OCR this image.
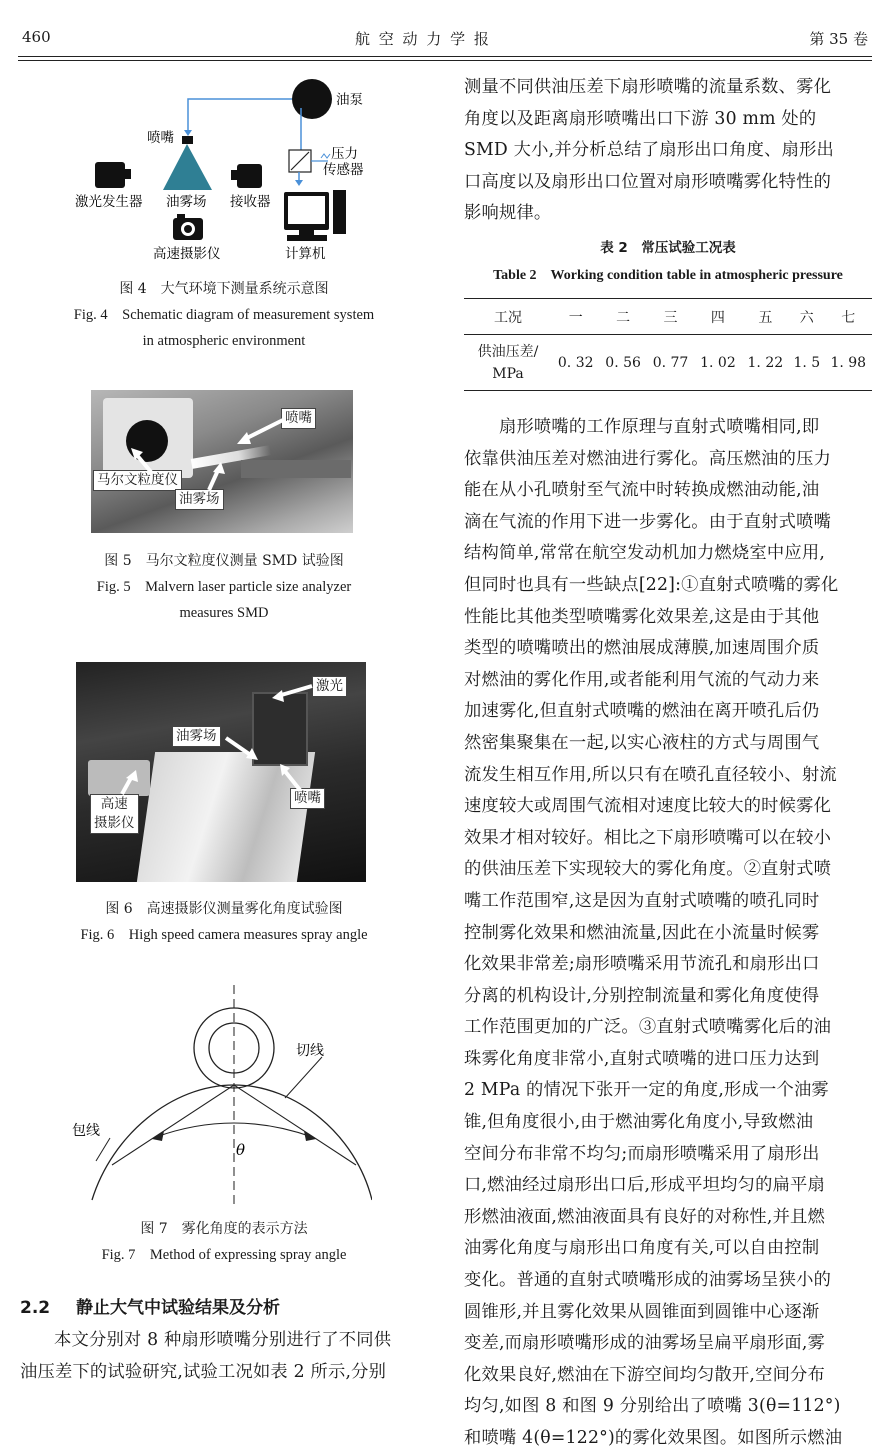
460	航 空 动 力 学 报	第 35 卷
油泵
喷嘴
压力
传感器
激光发生器 油雾场 接收器
高速摄影仪	计算机
图 4　大气环境下测量系统示意图
Fig. 4　Schematic diagram of measurement system
in atmospheric environment
喷嘴
马尔文粒度仪
油雾场
图 5　马尔文粒度仪测量 SMD 试验图
Fig. 5　Malvern laser particle size analyzer
measures SMD
激光
油雾场
高速
摄影仪
喷嘴
图 6　高速摄影仪测量雾化角度试验图
Fig. 6　High speed camera measures spray angle
切线
包线
θ
图 7　雾化角度的表示方法
Fig. 7　Method of expressing spray angle
2.2 静止大气中试验结果及分析

本文分别对 8 种扇形喷嘴分别进行了不同供

油压差下的试验研究,试验工况如表 2 所示,分别

测量不同供油压差下扇形喷嘴的流量系数、雾化

角度以及距离扇形喷嘴出口下游 30 mm 处的

SMD 大小,并分析总结了扇形出口角度、扇形出

口高度以及扇形出口位置对扇形喷嘴雾化特性的

影响规律。

表 2　常压试验工况表
Table 2　Working condition table in atmospheric pressure
工况	一	二	三	四	五	六	七

供油压差/
MPa	0. 32	0. 56	0. 77	1. 02	1. 22	1. 5	1. 98

　　扇形喷嘴的工作原理与直射式喷嘴相同,即

依靠供油压差对燃油进行雾化。高压燃油的压力

能在从小孔喷射至气流中时转换成燃油动能,油

滴在气流的作用下进一步雾化。由于直射式喷嘴

结构简单,常常在航空发动机加力燃烧室中应用,

但同时也具有一些缺点[22]:①直射式喷嘴的雾化

性能比其他类型喷嘴雾化效果差,这是由于其他

类型的喷嘴喷出的燃油展成薄膜,加速周围介质

对燃油的雾化作用,或者能利用气流的气动力来

加速雾化,但直射式喷嘴的燃油在离开喷孔后仍

然密集聚集在一起,以实心液柱的方式与周围气

流发生相互作用,所以只有在喷孔直径较小、射流

速度较大或周围气流相对速度比较大的时候雾化

效果才相对较好。相比之下扇形喷嘴可以在较小

的供油压差下实现较大的雾化角度。②直射式喷

嘴工作范围窄,这是因为直射式喷嘴的喷孔同时

控制雾化效果和燃油流量,因此在小流量时候雾

化效果非常差;扇形喷嘴采用节流孔和扇形出口

分离的机构设计,分别控制流量和雾化角度使得

工作范围更加的广泛。③直射式喷嘴雾化后的油

珠雾化角度非常小,直射式喷嘴的进口压力达到

2 MPa 的情况下张开一定的角度,形成一个油雾

锥,但角度很小,由于燃油雾化角度小,导致燃油

空间分布非常不均匀;而扇形喷嘴采用了扇形出

口,燃油经过扇形出口后,形成平坦均匀的扁平扇

形燃油液面,燃油液面具有良好的对称性,并且燃

油雾化角度与扇形出口角度有关,可以自由控制

变化。普通的直射式喷嘴形成的油雾场呈狭小的

圆锥形,并且雾化效果从圆锥面到圆锥中心逐渐

变差,而扇形喷嘴形成的油雾场呈扁平扇形面,雾

化效果良好,燃油在下游空间均匀散开,空间分布

均匀,如图 8 和图 9 分别给出了喷嘴 3(θ=112°)

和喷嘴 4(θ=122°)的雾化效果图。如图所示燃油
